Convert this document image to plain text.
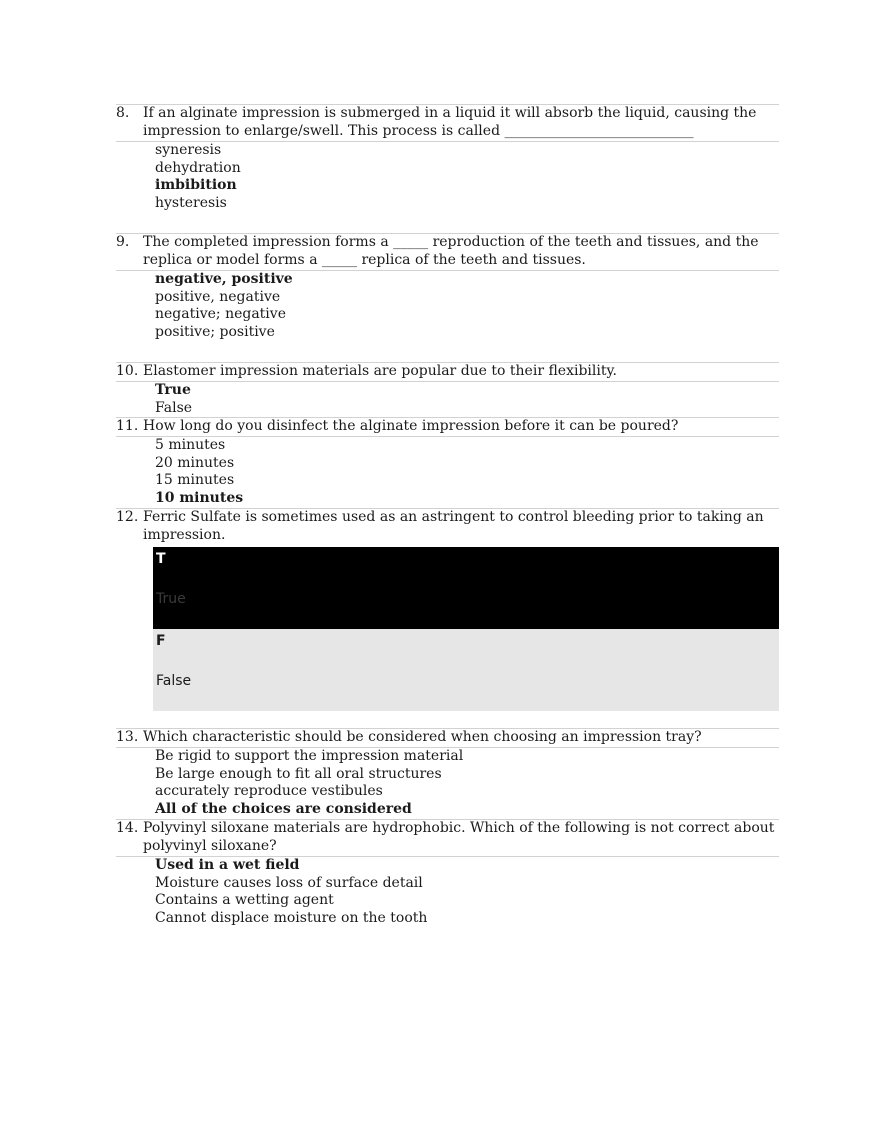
8. If an alginate impression is submerged in a liquid it will absorb the liquid, causing the impression to enlarge/swell. This process is called ___________________________
syneresis
dehydration
imbibition
hysteresis
9. The completed impression forms a _____ reproduction of the teeth and tissues, and the replica or model forms a _____ replica of the teeth and tissues.
negative, positive
positive, negative
negative; negative
positive; positive
10. Elastomer impression materials are popular due to their flexibility.
True
False
11. How long do you disinfect the alginate impression before it can be poured?
5 minutes
20 minutes
15 minutes
10 minutes
12. Ferric Sulfate is sometimes used as an astringent to control bleeding prior to taking an impression.
T
True
F
False
13. Which characteristic should be considered when choosing an impression tray?
Be rigid to support the impression material
Be large enough to fit all oral structures
accurately reproduce vestibules
All of the choices are considered
14. Polyvinyl siloxane materials are hydrophobic. Which of the following is not correct about polyvinyl siloxane?
Used in a wet field
Moisture causes loss of surface detail
Contains a wetting agent
Cannot displace moisture on the tooth
